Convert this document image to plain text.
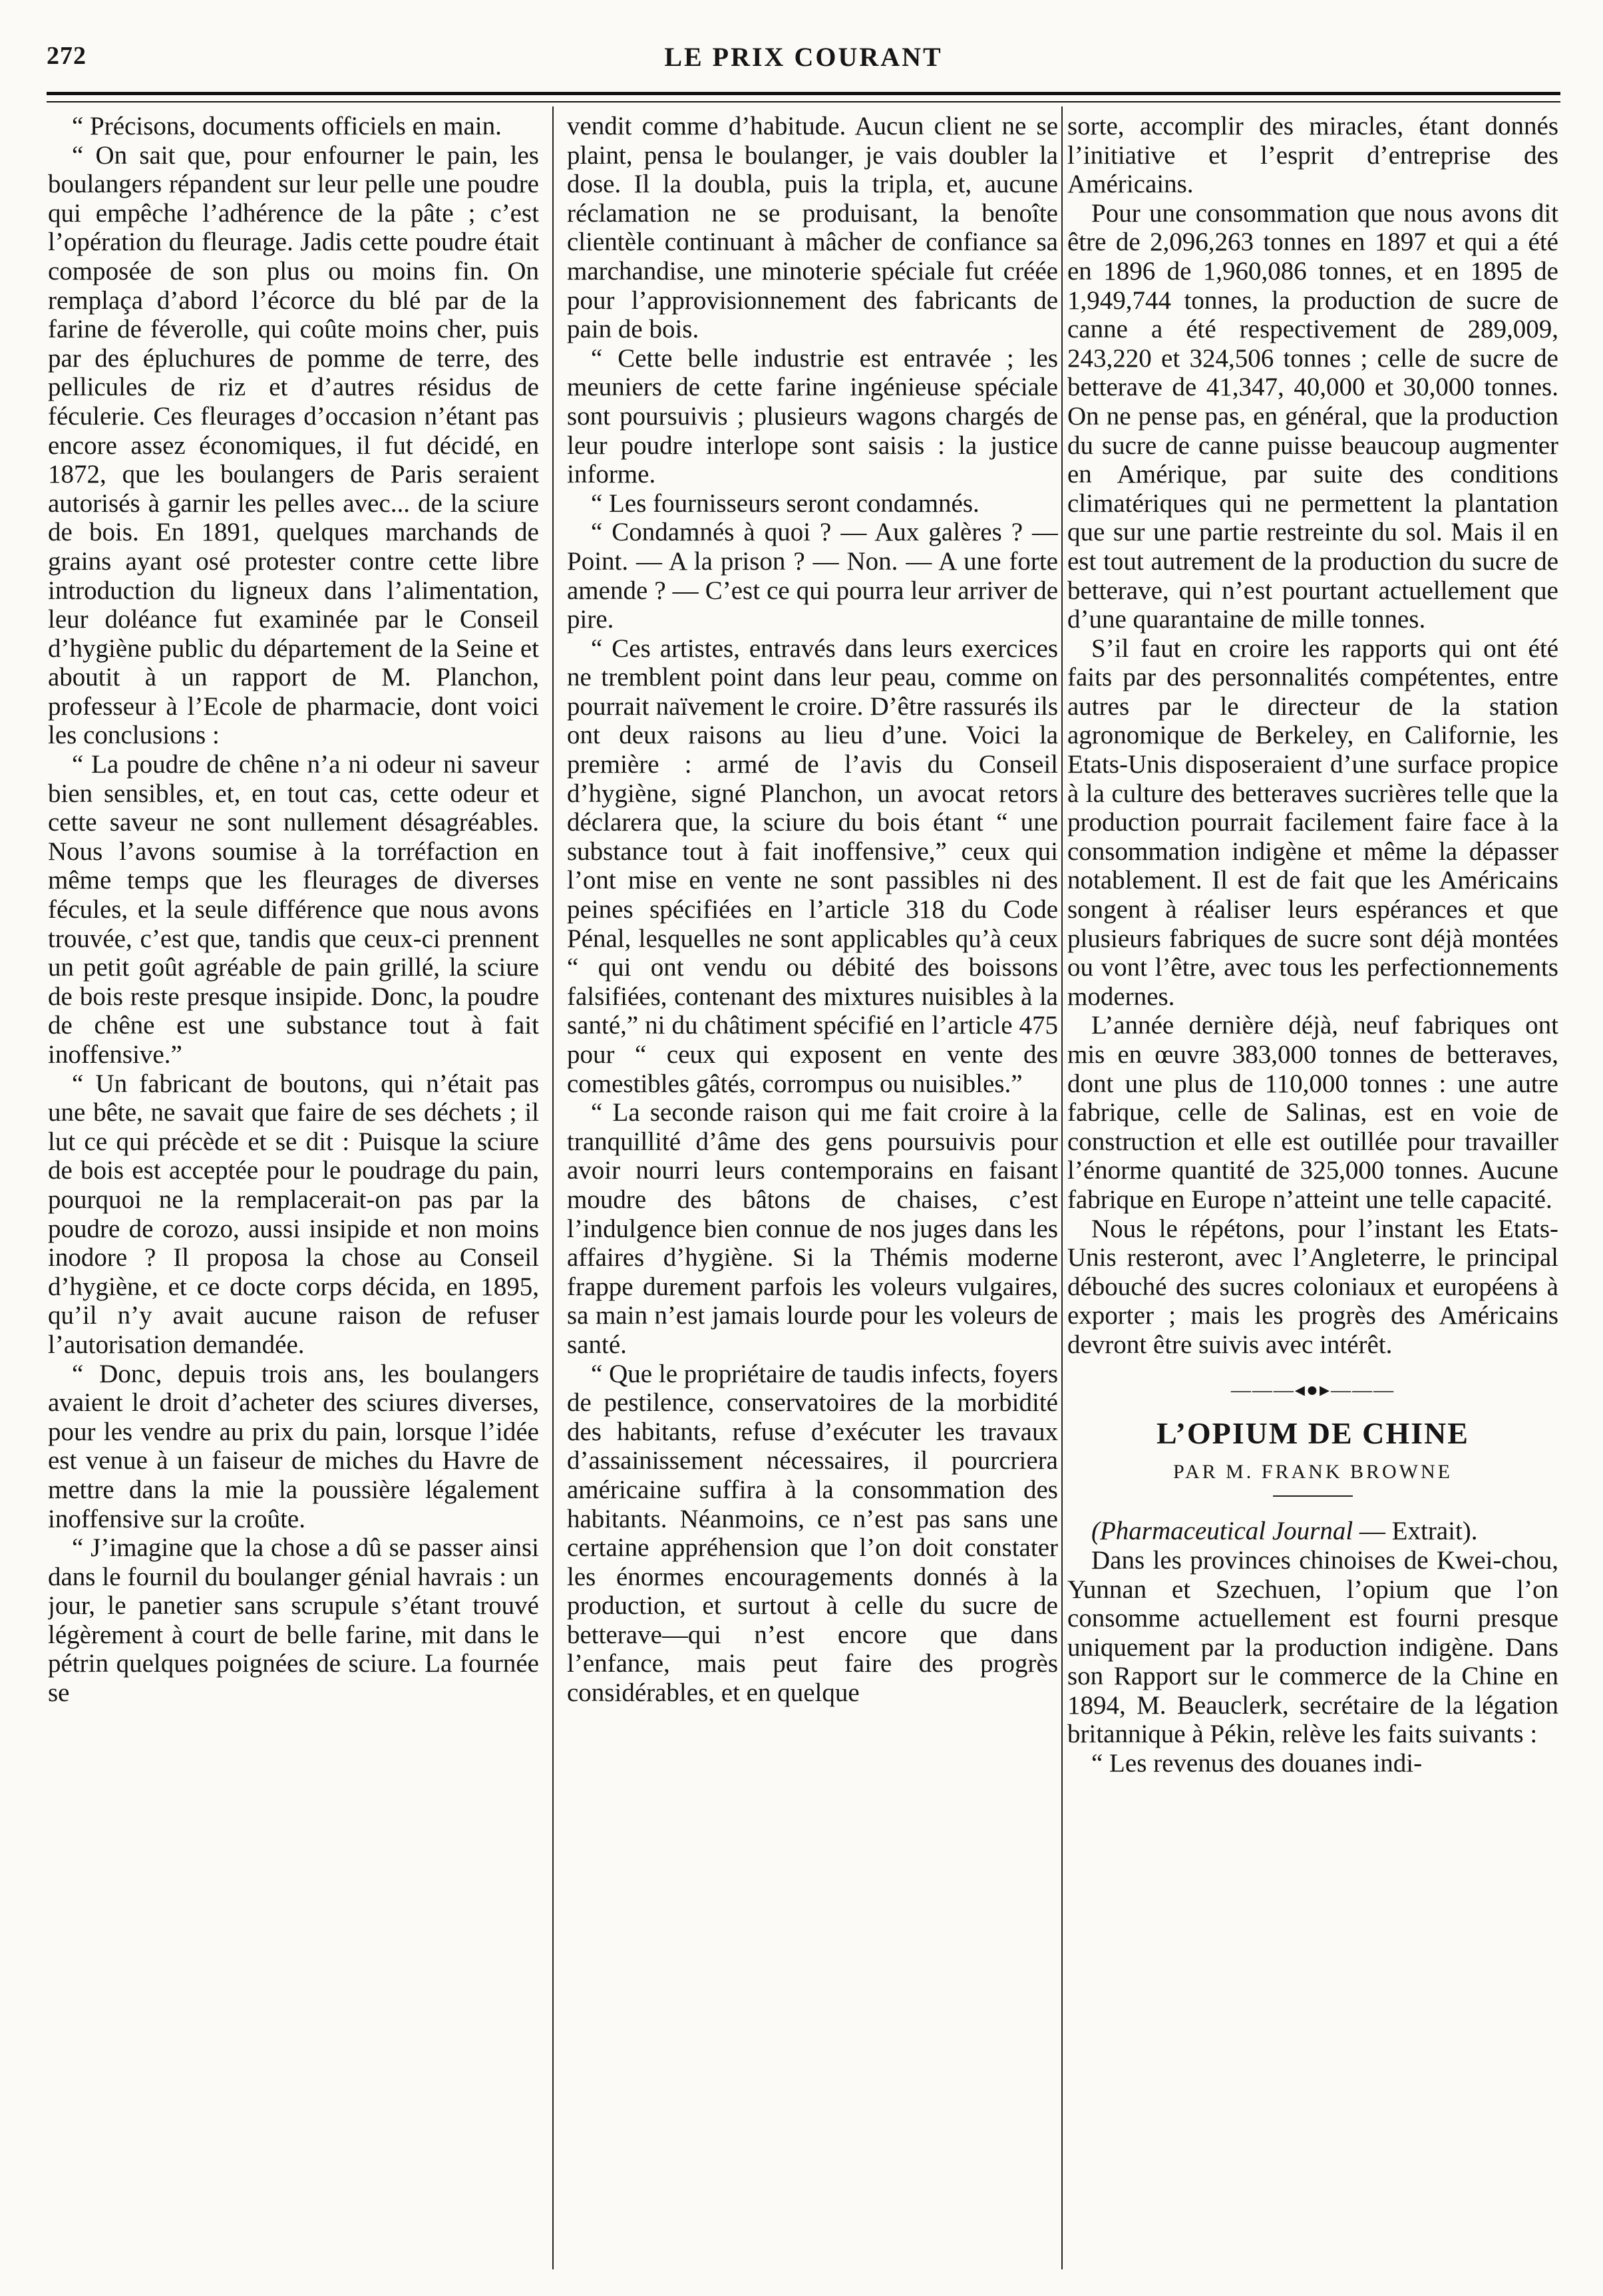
272	LE PRIX COURANT

“ Précisons, documents officiels en main.

“ On sait que, pour enfourner le pain, les boulangers répandent sur leur pelle une poudre qui empêche l’adhérence de la pâte ; c’est l’opération du fleurage. Jadis cette poudre était composée de son plus ou moins fin. On remplaça d’abord l’écorce du blé par de la farine de féverolle, qui coûte moins cher, puis par des épluchures de pomme de terre, des pellicules de riz et d’autres résidus de féculerie. Ces fleurages d’occasion n’étant pas encore assez économiques, il fut décidé, en 1872, que les boulangers de Paris seraient autorisés à garnir les pelles avec... de la sciure de bois. En 1891, quelques marchands de grains ayant osé protester contre cette libre introduction du ligneux dans l’alimentation, leur doléance fut examinée par le Conseil d’hygiène public du département de la Seine et aboutit à un rapport de M. Planchon, professeur à l’Ecole de pharmacie, dont voici les conclusions :

“ La poudre de chêne n’a ni odeur ni saveur bien sensibles, et, en tout cas, cette odeur et cette saveur ne sont nullement désagréables. Nous l’avons soumise à la torréfaction en même temps que les fleurages de diverses fécules, et la seule différence que nous avons trouvée, c’est que, tandis que ceux-ci prennent un petit goût agréable de pain grillé, la sciure de bois reste presque insipide. Donc, la poudre de chêne est une substance tout à fait inoffensive.”

“ Un fabricant de boutons, qui n’était pas une bête, ne savait que faire de ses déchets ; il lut ce qui précède et se dit : Puisque la sciure de bois est acceptée pour le poudrage du pain, pourquoi ne la remplacerait-on pas par la poudre de corozo, aussi insipide et non moins inodore ? Il proposa la chose au Conseil d’hygiène, et ce docte corps décida, en 1895, qu’il n’y avait aucune raison de refuser l’autorisation demandée.

“ Donc, depuis trois ans, les boulangers avaient le droit d’acheter des sciures diverses, pour les vendre au prix du pain, lorsque l’idée est venue à un faiseur de miches du Havre de mettre dans la mie la poussière légalement inoffensive sur la croûte.

“ J’imagine que la chose a dû se passer ainsi dans le fournil du boulanger génial havrais : un jour, le panetier sans scrupule s’étant trouvé légèrement à court de belle farine, mit dans le pétrin quelques poignées de sciure. La fournée se

vendit comme d’habitude. Aucun client ne se plaint, pensa le boulanger, je vais doubler la dose. Il la doubla, puis la tripla, et, aucune réclamation ne se produisant, la benoîte clientèle continuant à mâcher de confiance sa marchandise, une minoterie spéciale fut créée pour l’approvisionnement des fabricants de pain de bois.

“ Cette belle industrie est entravée ; les meuniers de cette farine ingénieuse spéciale sont poursuivis ; plusieurs wagons chargés de leur poudre interlope sont saisis : la justice informe.

“ Les fournisseurs seront condamnés.

“ Condamnés à quoi ? — Aux galères ? — Point. — A la prison ? — Non. — A une forte amende ? — C’est ce qui pourra leur arriver de pire.

“ Ces artistes, entravés dans leurs exercices ne tremblent point dans leur peau, comme on pourrait naïvement le croire. D’être rassurés ils ont deux raisons au lieu d’une. Voici la première : armé de l’avis du Conseil d’hygiène, signé Planchon, un avocat retors déclarera que, la sciure du bois étant “ une substance tout à fait inoffensive,” ceux qui l’ont mise en vente ne sont passibles ni des peines spécifiées en l’article 318 du Code Pénal, lesquelles ne sont applicables qu’à ceux “ qui ont vendu ou débité des boissons falsifiées, contenant des mixtures nuisibles à la santé,” ni du châtiment spécifié en l’article 475 pour “ ceux qui exposent en vente des comestibles gâtés, corrompus ou nuisibles.”

“ La seconde raison qui me fait croire à la tranquillité d’âme des gens poursuivis pour avoir nourri leurs contemporains en faisant moudre des bâtons de chaises, c’est l’indulgence bien connue de nos juges dans les affaires d’hygiène. Si la Thémis moderne frappe durement parfois les voleurs vulgaires, sa main n’est jamais lourde pour les voleurs de santé.

“ Que le propriétaire de taudis infects, foyers de pestilence, conservatoires de la morbidité des habitants, refuse d’exécuter les travaux d’assainissement nécessaires, il pourcriera américaine suffira à la consommation des habitants. Néanmoins, ce n’est pas sans une certaine appréhension que l’on doit constater les énormes encouragements donnés à la production, et surtout à celle du sucre de betterave—qui n’est encore que dans l’enfance, mais peut faire des progrès considérables, et en quelque

sorte, accomplir des miracles, étant donnés l’initiative et l’esprit d’entreprise des Américains.

Pour une consommation que nous avons dit être de 2,096,263 tonnes en 1897 et qui a été en 1896 de 1,960,086 tonnes, et en 1895 de 1,949,744 tonnes, la production de sucre de canne a été respectivement de 289,009, 243,220 et 324,506 tonnes ; celle de sucre de betterave de 41,347, 40,000 et 30,000 tonnes. On ne pense pas, en général, que la production du sucre de canne puisse beaucoup augmenter en Amérique, par suite des conditions climatériques qui ne permettent la plantation que sur une partie restreinte du sol. Mais il en est tout autrement de la production du sucre de betterave, qui n’est pourtant actuellement que d’une quarantaine de mille tonnes.

S’il faut en croire les rapports qui ont été faits par des personnalités compétentes, entre autres par le directeur de la station agronomique de Berkeley, en Californie, les Etats-Unis disposeraient d’une surface propice à la culture des betteraves sucrières telle que la production pourrait facilement faire face à la consommation indigène et même la dépasser notablement. Il est de fait que les Américains songent à réaliser leurs espérances et que plusieurs fabriques de sucre sont déjà montées ou vont l’être, avec tous les perfectionnements modernes.

L’année dernière déjà, neuf fabriques ont mis en œuvre 383,000 tonnes de betteraves, dont une plus de 110,000 tonnes : une autre fabrique, celle de Salinas, est en voie de construction et elle est outillée pour travailler l’énorme quantité de 325,000 tonnes. Aucune fabrique en Europe n’atteint une telle capacité.

Nous le répétons, pour l’instant les Etats-Unis resteront, avec l’Angleterre, le principal débouché des sucres coloniaux et européens à exporter ; mais les progrès des Américains devront être suivis avec intérêt.

———◂●▸———
L’OPIUM DE CHINE
PAR M. FRANK BROWNE

(Pharmaceutical Journal — Extrait).

Dans les provinces chinoises de Kwei-chou, Yunnan et Szechuen, l’opium que l’on consomme actuellement est fourni presque uniquement par la production indigène. Dans son Rapport sur le commerce de la Chine en 1894, M. Beauclerk, secrétaire de la légation britannique à Pékin, relève les faits suivants :

“ Les revenus des douanes indi-
